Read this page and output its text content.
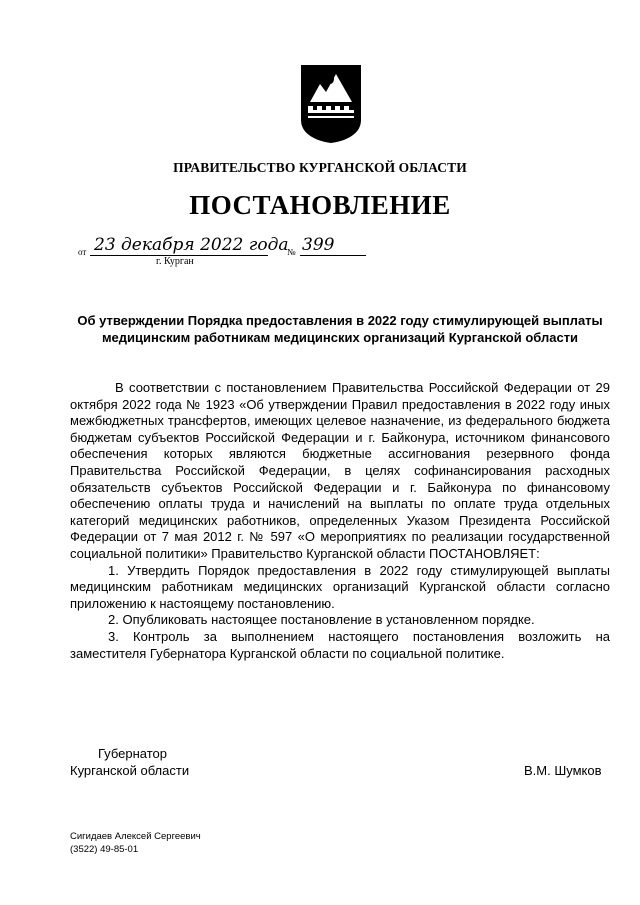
ПРАВИТЕЛЬСТВО КУРГАНСКОЙ ОБЛАСТИ
ПОСТАНОВЛЕНИЕ
от 23 декабря 2022 года
№ 399
г. Курган
Об утверждении Порядка предоставления в 2022 году стимулирующей выплаты медицинским работникам медицинских организаций Курганской области

В соответствии с постановлением Правительства Российской Федерации от 29 октября 2022 года № 1923 «Об утверждении Правил предоставления в 2022 году иных межбюджетных трансфертов, имеющих целевое назначение, из федерального бюджета бюджетам субъектов Российской Федерации и г. Байконура, источником финансового обеспечения которых являются бюджетные ассигнования резервного фонда Правительства Российской Федерации, в целях софинансирования расходных обязательств субъектов Российской Федерации и г. Байконура по финансовому обеспечению оплаты труда и начислений на выплаты по оплате труда отдельных категорий медицинских работников, определенных Указом Президента Российской Федерации от 7 мая 2012 г. № 597 «О мероприятиях по реализации государственной социальной политики» Правительство Курганской области ПОСТАНОВЛЯЕТ:

1. Утвердить Порядок предоставления в 2022 году стимулирующей выплаты медицинским работникам медицинских организаций Курганской области согласно приложению к настоящему постановлению.

2. Опубликовать настоящее постановление в установленном порядке.

3. Контроль за выполнением настоящего постановления возложить на заместителя Губернатора Курганской области по социальной политике.

Губернатор
Курганской области	В.М. Шумков
Сигидаев Алексей Сергеевич
(3522) 49-85-01
